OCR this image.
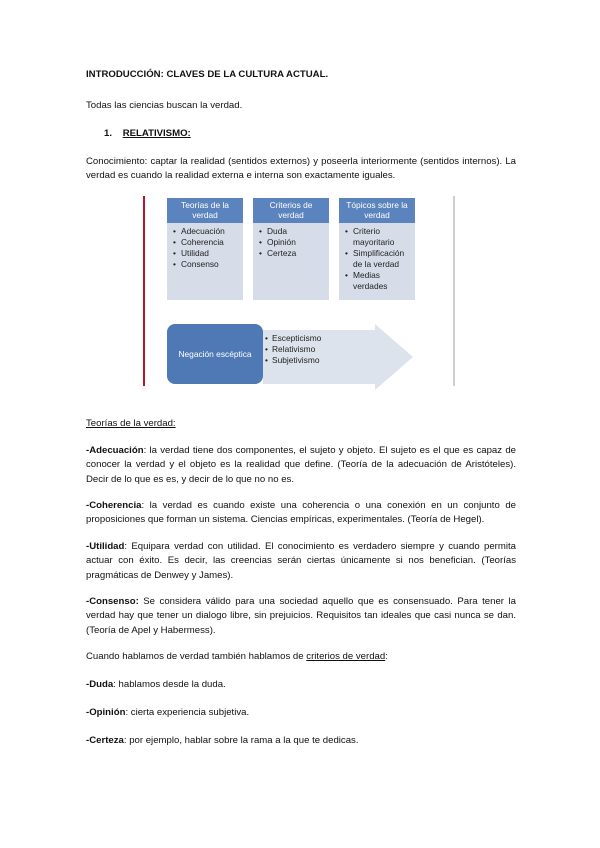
INTRODUCCIÓN: CLAVES DE LA CULTURA ACTUAL.
Todas las ciencias buscan la verdad.
1. RELATIVISMO:
Conocimiento: captar la realidad (sentidos externos) y poseerla interiormente (sentidos internos). La verdad es cuando la realidad externa e interna son exactamente iguales.
Teorías de la verdad
• Adecuación
• Coherencia
• Utilidad
• Consenso
Criterios de verdad
• Duda
• Opinión
• Certeza
Tópicos sobre la verdad
• Criterio mayoritario
• Simplificación de la verdad
• Medias verdades
Negación escéptica
• Escepticismo
• Relativismo
• Subjetivismo
Teorías de la verdad:
-Adecuación: la verdad tiene dos componentes, el sujeto y objeto. El sujeto es el que es capaz de conocer la verdad y el objeto es la realidad que define. (Teoría de la adecuación de Aristóteles). Decir de lo que es es, y decir de lo que no no es.
-Coherencia: la verdad es cuando existe una coherencia o una conexión en un conjunto de proposiciones que forman un sistema. Ciencias empíricas, experimentales. (Teoría de Hegel).
-Utilidad: Equipara verdad con utilidad. El conocimiento es verdadero siempre y cuando permita actuar con éxito. Es decir, las creencias serán ciertas únicamente si nos benefician. (Teorías pragmáticas de Denwey y James).
-Consenso: Se considera válido para una sociedad aquello que es consensuado. Para tener la verdad hay que tener un dialogo libre, sin prejuicios. Requisitos tan ideales que casi nunca se dan. (Teoría de Apel y Habermess).
Cuando hablamos de verdad también hablamos de criterios de verdad:
-Duda: hablamos desde la duda.
-Opinión: cierta experiencia subjetiva.
-Certeza: por ejemplo, hablar sobre la rama a la que te dedicas.
